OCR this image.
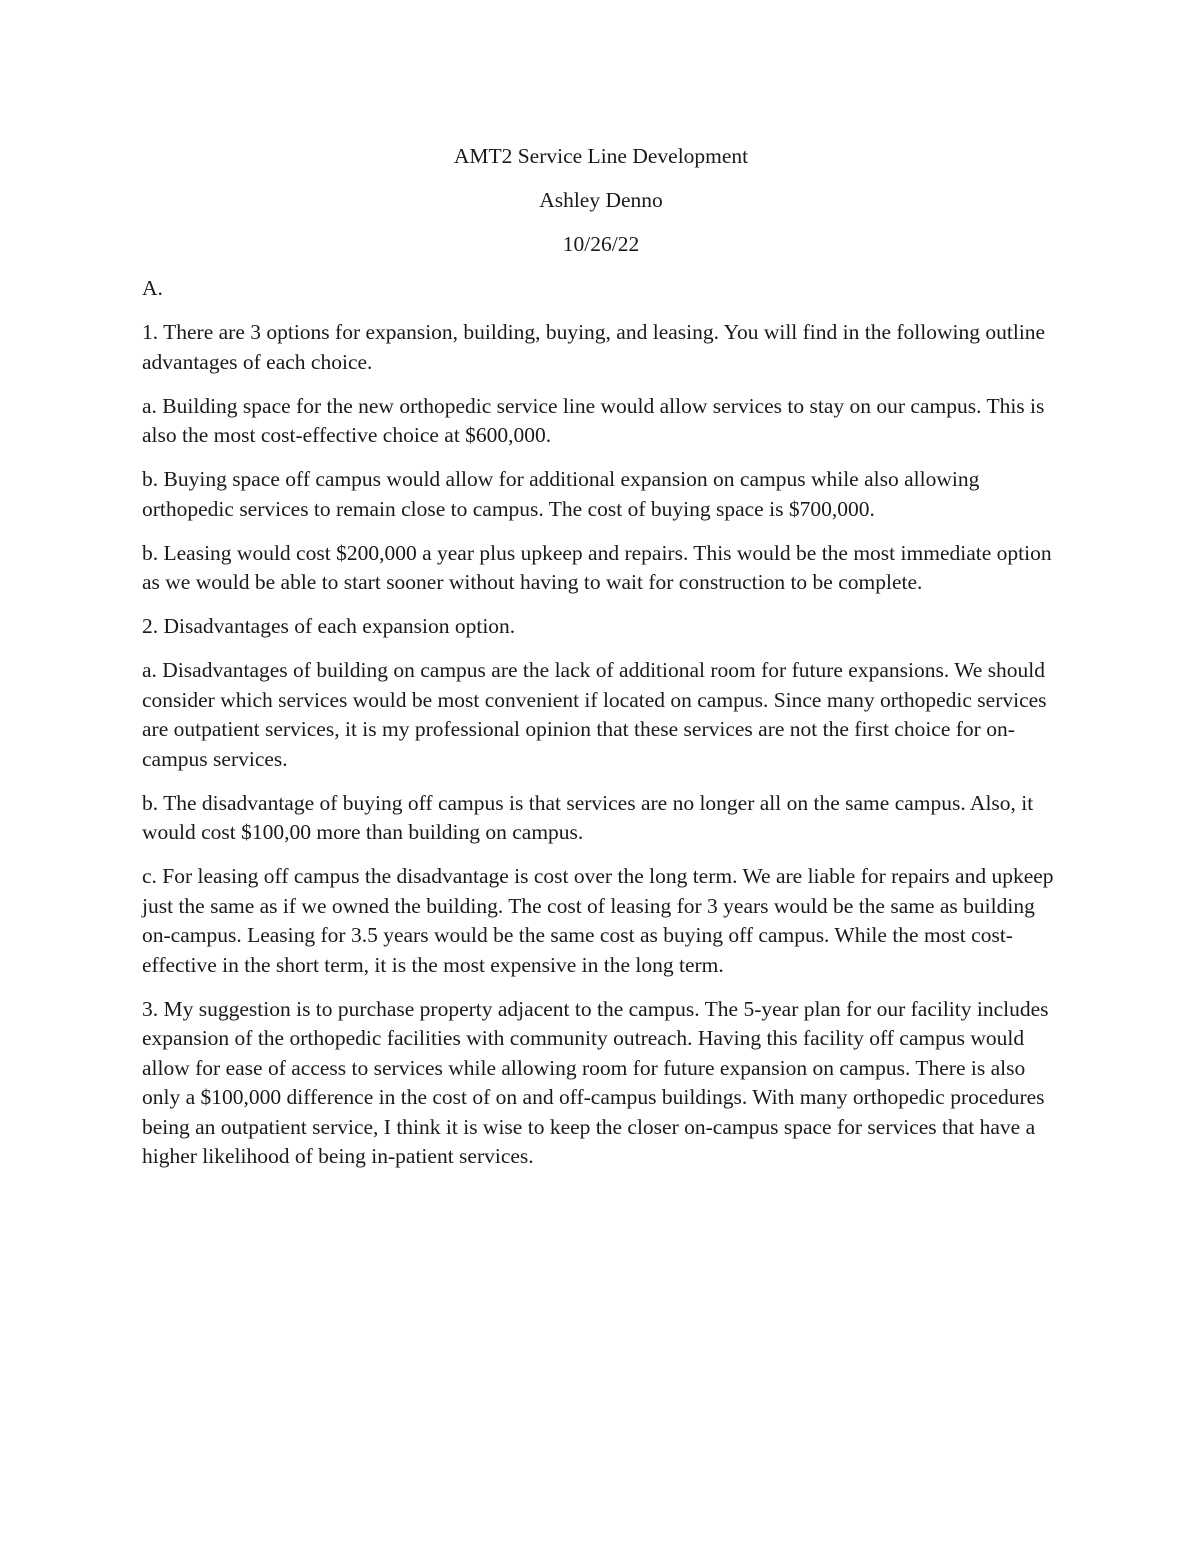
AMT2 Service Line Development

Ashley Denno

10/26/22

A.

1. There are 3 options for expansion, building, buying, and leasing. You will find in the following outline advantages of each choice.

a. Building space for the new orthopedic service line would allow services to stay on our campus. This is also the most cost-effective choice at $600,000.

b. Buying space off campus would allow for additional expansion on campus while also allowing orthopedic services to remain close to campus. The cost of buying space is $700,000.

b. Leasing would cost $200,000 a year plus upkeep and repairs. This would be the most immediate option as we would be able to start sooner without having to wait for construction to be complete.

2. Disadvantages of each expansion option.

a. Disadvantages of building on campus are the lack of additional room for future expansions. We should consider which services would be most convenient if located on campus. Since many orthopedic services are outpatient services, it is my professional opinion that these services are not the first choice for on-campus services.

b. The disadvantage of buying off campus is that services are no longer all on the same campus. Also, it would cost $100,00 more than building on campus.

c. For leasing off campus the disadvantage is cost over the long term. We are liable for repairs and upkeep just the same as if we owned the building. The cost of leasing for 3 years would be the same as building on-campus. Leasing for 3.5 years would be the same cost as buying off campus. While the most cost-effective in the short term, it is the most expensive in the long term.

3. My suggestion is to purchase property adjacent to the campus. The 5-year plan for our facility includes expansion of the orthopedic facilities with community outreach. Having this facility off campus would allow for ease of access to services while allowing room for future expansion on campus. There is also only a $100,000 difference in the cost of on and off-campus buildings. With many orthopedic procedures being an outpatient service, I think it is wise to keep the closer on-campus space for services that have a higher likelihood of being in-patient services.
